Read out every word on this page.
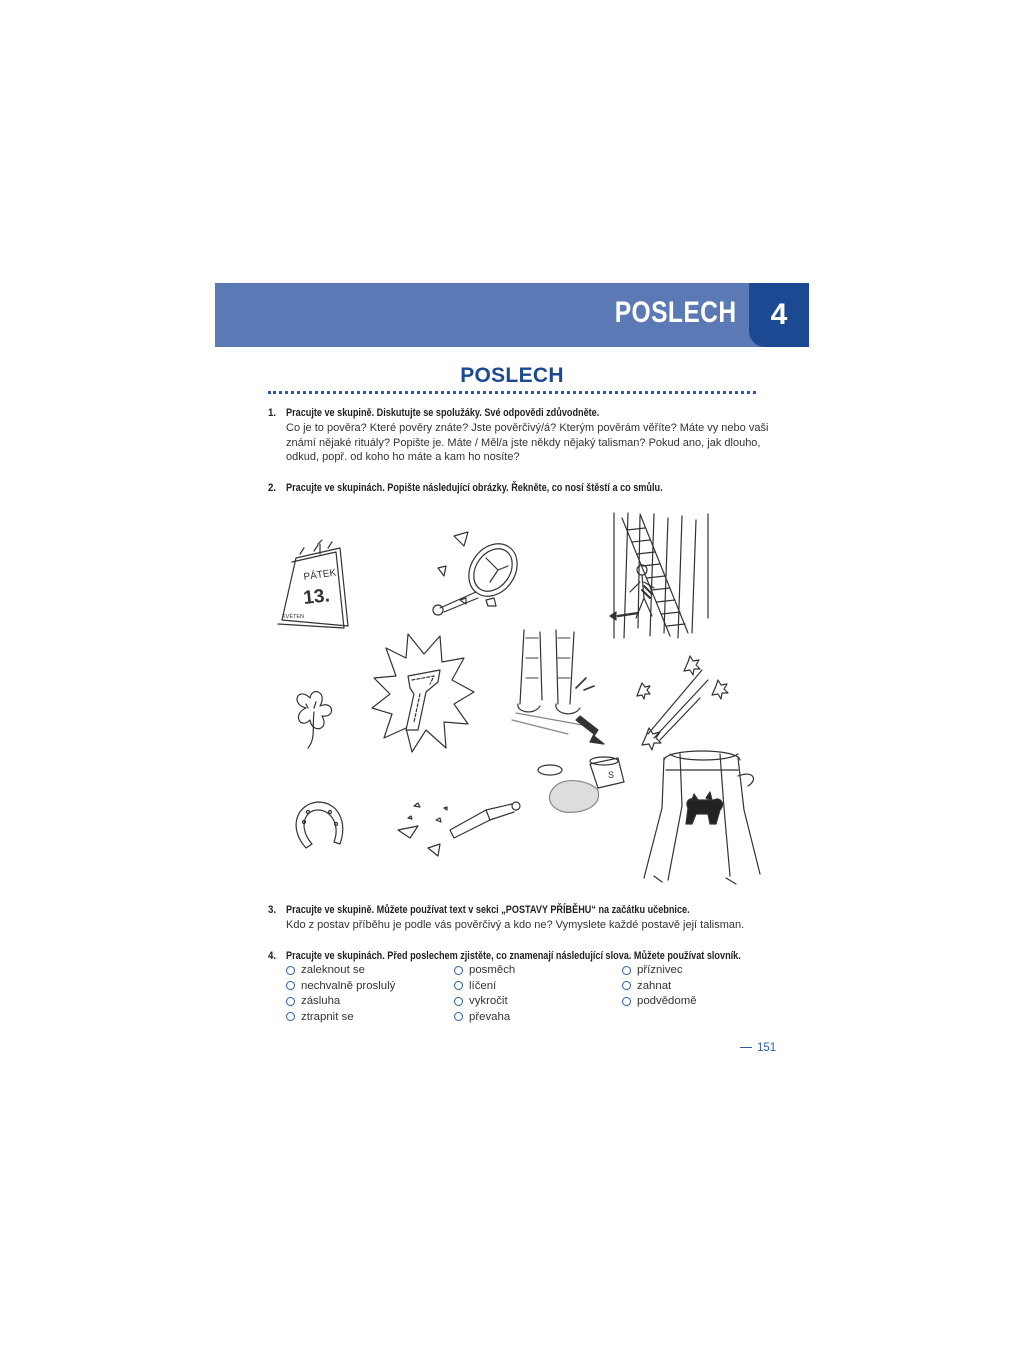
POSLECH	4
POSLECH
1. Pracujte ve skupině. Diskutujte se spolužáky. Své odpovědi zdůvodněte.

Co je to pověra? Které pověry znáte? Jste pověrčivý/á? Kterým pověrám věříte? Máte vy nebo vaši

známí nějaké rituály? Popište je. Máte / Měl/a jste někdy nějaký talisman? Pokud ano, jak dlouho,

odkud, popř. od koho ho máte a kam ho nosíte?

2. Pracujte ve skupinách. Popište následující obrázky. Řekněte, co nosí štěstí a co smůlu.
PÁTEK
13.
KVĚTEN
S
3. Pracujte ve skupině. Můžete používat text v sekci „POSTAVY PŘÍBĚHU“ na začátku učebnice.

Kdo z postav příběhu je podle vás pověrčivý a kdo ne? Vymyslete každé postavě její talisman.

4. Pracujte ve skupinách. Před poslechem zjistěte, co znamenají následující slova. Můžete používat slovník.
zaleknout se
nechvalně proslulý
zásluha
ztrapnit se
posměch
líčení
vykročit
převaha
příznivec
zahnat
podvědomě
151
